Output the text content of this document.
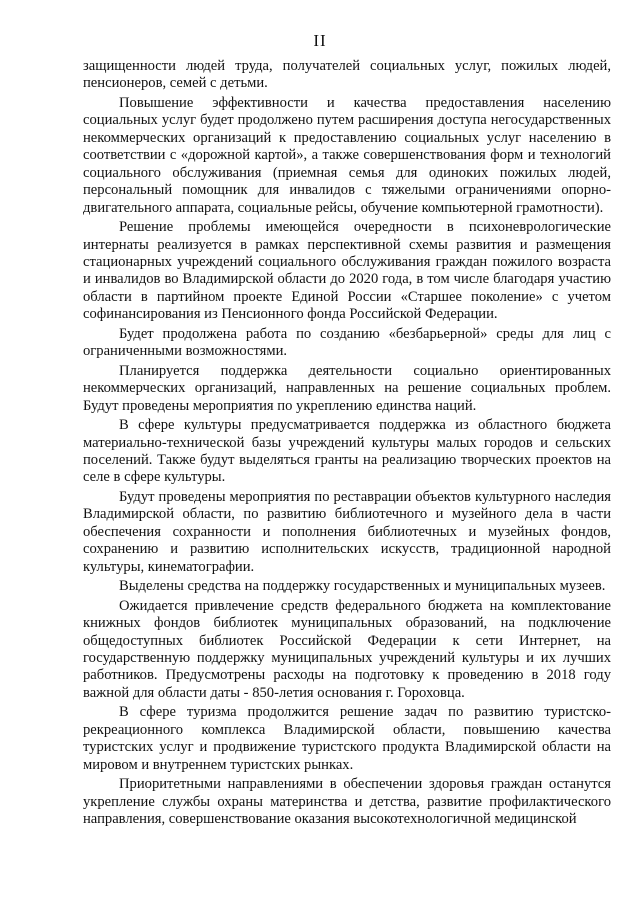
II

защищенности людей труда, получателей социальных услуг, пожилых людей, пенсионеров, семей с детьми.

Повышение эффективности и качества предоставления населению социальных услуг будет продолжено путем расширения доступа негосударственных некоммерческих организаций к предоставлению социальных услуг населению в соответствии с «дорожной картой», а также совершенствования форм и технологий социального обслуживания (приемная семья для одиноких пожилых людей, персональный помощник для инвалидов с тяжелыми ограничениями опорно-двигательного аппарата, социальные рейсы, обучение компьютерной грамотности).

Решение проблемы имеющейся очередности в психоневрологические интернаты реализуется в рамках перспективной схемы развития и размещения стационарных учреждений социального обслуживания граждан пожилого возраста и инвалидов во Владимирской области до 2020 года, в том числе благодаря участию области в партийном проекте Единой России «Старшее поколение» с учетом софинансирования из Пенсионного фонда Российской Федерации.

Будет продолжена работа по созданию «безбарьерной» среды для лиц с ограниченными возможностями.

Планируется поддержка деятельности социально ориентированных некоммерческих организаций, направленных на решение социальных проблем. Будут проведены мероприятия по укреплению единства наций.

В сфере культуры предусматривается поддержка из областного бюджета материально-технической базы учреждений культуры малых городов и сельских поселений. Также будут выделяться гранты на реализацию творческих проектов на селе в сфере культуры.

Будут проведены мероприятия по реставрации объектов культурного наследия Владимирской области, по развитию библиотечного и музейного дела в части обеспечения сохранности и пополнения библиотечных и музейных фондов, сохранению и развитию исполнительских искусств, традиционной народной культуры, кинематографии.

Выделены средства на поддержку государственных и муниципальных музеев.

Ожидается привлечение средств федерального бюджета на комплектование книжных фондов библиотек муниципальных образований, на подключение общедоступных библиотек Российской Федерации к сети Интернет, на государственную поддержку муниципальных учреждений культуры и их лучших работников. Предусмотрены расходы на подготовку к проведению в 2018 году важной для области даты - 850-летия основания г. Гороховца.

В сфере туризма продолжится решение задач по развитию туристско-рекреационного комплекса Владимирской области, повышению качества туристских услуг и продвижение туристского продукта Владимирской области на мировом и внутреннем туристских рынках.

Приоритетными направлениями в обеспечении здоровья граждан останутся укрепление службы охраны материнства и детства, развитие профилактического направления, совершенствование оказания высокотехнологичной медицинской
